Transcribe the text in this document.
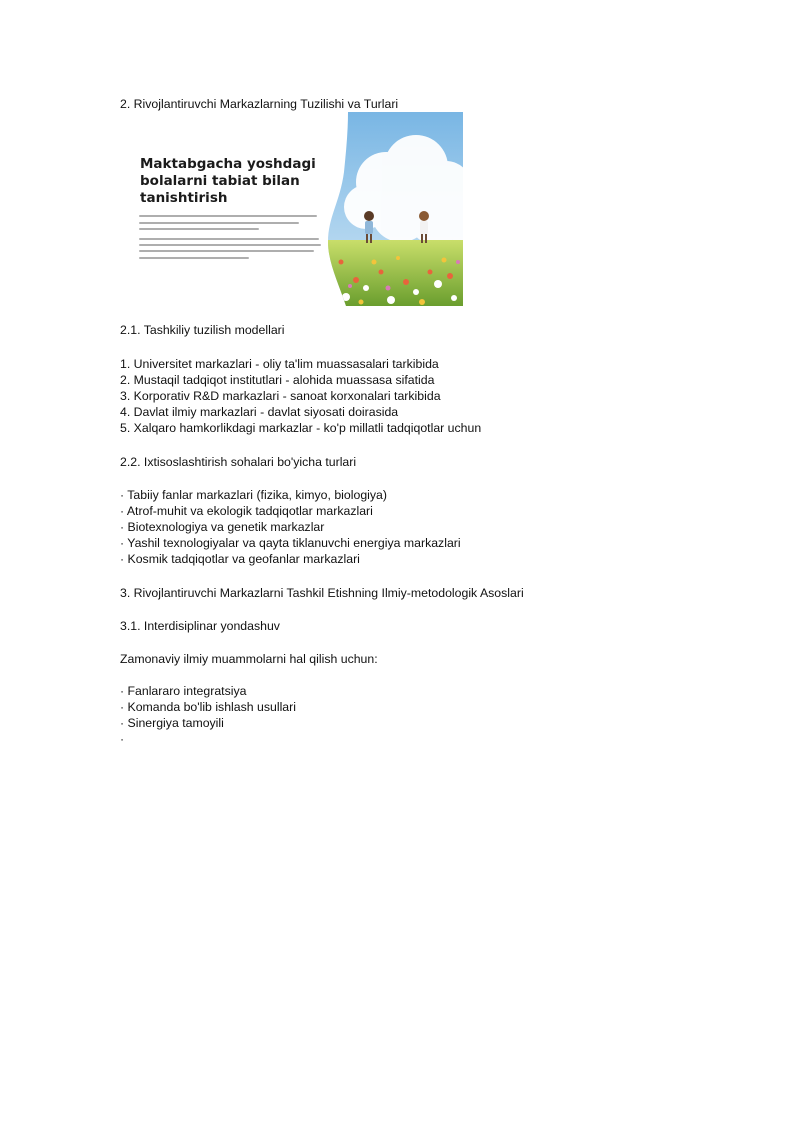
2. Rivojlantiruvchi Markazlarning Tuzilishi va Turlari
Maktabgacha yoshdagi bolalarni tabiat bilan tanishtirish
2.1. Tashkiliy tuzilish modellari
1. Universitet markazlari - oliy ta'lim muassasalari tarkibida
2. Mustaqil tadqiqot institutlari - alohida muassasa sifatida
3. Korporativ R&D markazlari - sanoat korxonalari tarkibida
4. Davlat ilmiy markazlari - davlat siyosati doirasida
5. Xalqaro hamkorlikdagi markazlar - ko'p millatli tadqiqotlar uchun
2.2. Ixtisoslashtirish sohalari bo'yicha turlari
· Tabiiy fanlar markazlari (fizika, kimyo, biologiya)
· Atrof-muhit va ekologik tadqiqotlar markazlari
· Biotexnologiya va genetik markazlar
· Yashil texnologiyalar va qayta tiklanuvchi energiya markazlari
· Kosmik tadqiqotlar va geofanlar markazlari
3. Rivojlantiruvchi Markazlarni Tashkil Etishning Ilmiy-metodologik Asoslari
3.1. Interdisiplinar yondashuv
Zamonaviy ilmiy muammolarni hal qilish uchun:
· Fanlararo integratsiya
· Komanda bo'lib ishlash usullari
· Sinergiya tamoyili
·
